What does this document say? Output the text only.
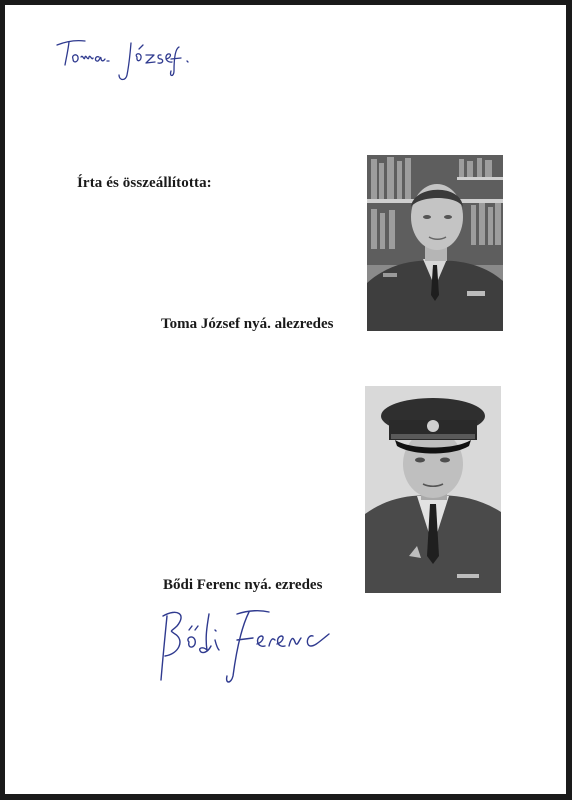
Írta és összeállította:
Toma József nyá. alezredes
Bődi Ferenc nyá. ezredes
